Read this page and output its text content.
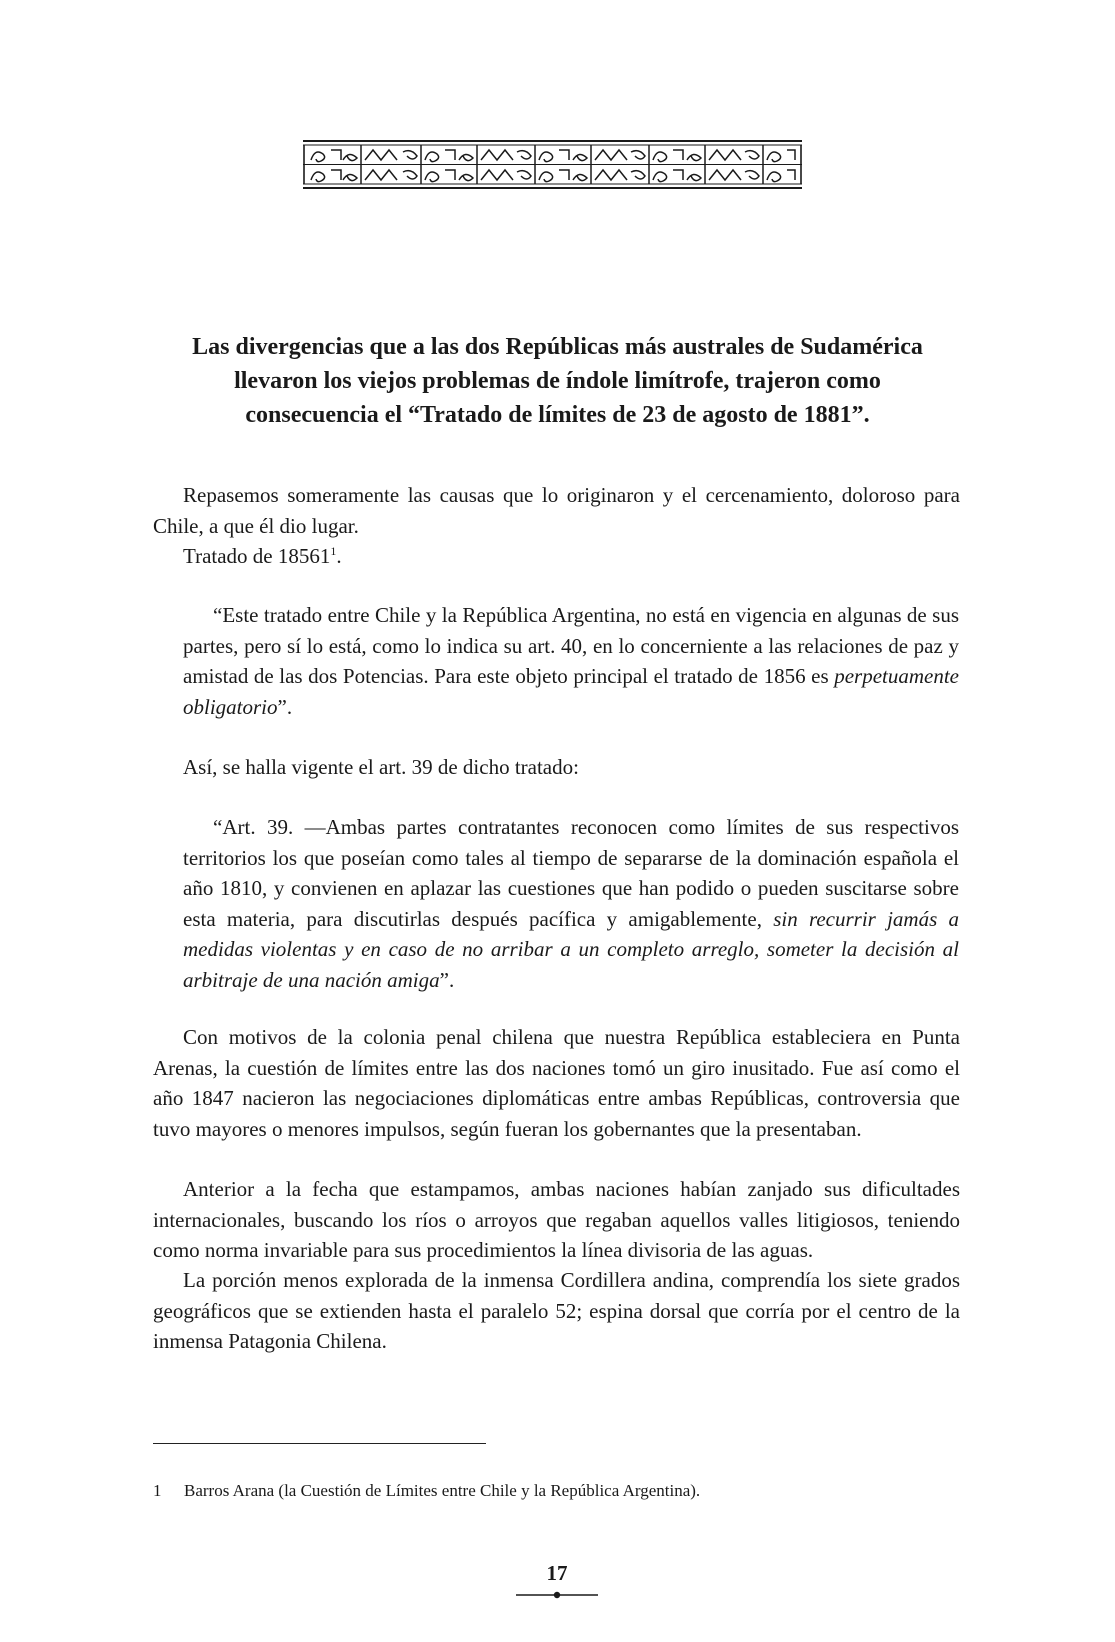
Las divergencias que a las dos Repúblicas más australes de Sudamérica
llevaron los viejos problemas de índole limítrofe, trajeron como
consecuencia el “Tratado de límites de 23 de agosto de 1881”.

Repasemos someramente las causas que lo originaron y el cercenamiento, doloroso para Chile, a que él dio lugar.

Tratado de 18561$^1$.

“Este tratado entre Chile y la República Argentina, no está en vigencia en algunas de sus partes, pero sí lo está, como lo indica su art. 40, en lo concerniente a las relaciones de paz y amistad de las dos Potencias. Para este objeto principal el tratado de 1856 es perpetuamente obligatorio”.

Así, se halla vigente el art. 39 de dicho tratado:

“Art. 39. —Ambas partes contratantes reconocen como límites de sus respectivos territorios los que poseían como tales al tiempo de separarse de la dominación española el año 1810, y convienen en aplazar las cuestiones que han podido o pueden suscitarse sobre esta materia, para discutirlas después pacífica y amigablemente, sin recurrir jamás a medidas violentas y en caso de no arribar a un completo arreglo, someter la decisión al arbitraje de una nación amiga”.

Con motivos de la colonia penal chilena que nuestra República estableciera en Punta Arenas, la cuestión de límites entre las dos naciones tomó un giro inusitado. Fue así como el año 1847 nacieron las negociaciones diplomáticas entre ambas Repúblicas, controversia que tuvo mayores o menores impulsos, según fueran los gobernantes que la presentaban.

Anterior a la fecha que estampamos, ambas naciones habían zanjado sus dificultades internacionales, buscando los ríos o arroyos que regaban aquellos valles litigiosos, teniendo como norma invariable para sus procedimientos la línea divisoria de las aguas.

La porción menos explorada de la inmensa Cordillera andina, comprendía los siete grados geográficos que se extienden hasta el paralelo 52; espina dorsal que corría por el centro de la inmensa Patagonia Chilena.

1 Barros Arana (la Cuestión de Límites entre Chile y la República Argentina).
17
